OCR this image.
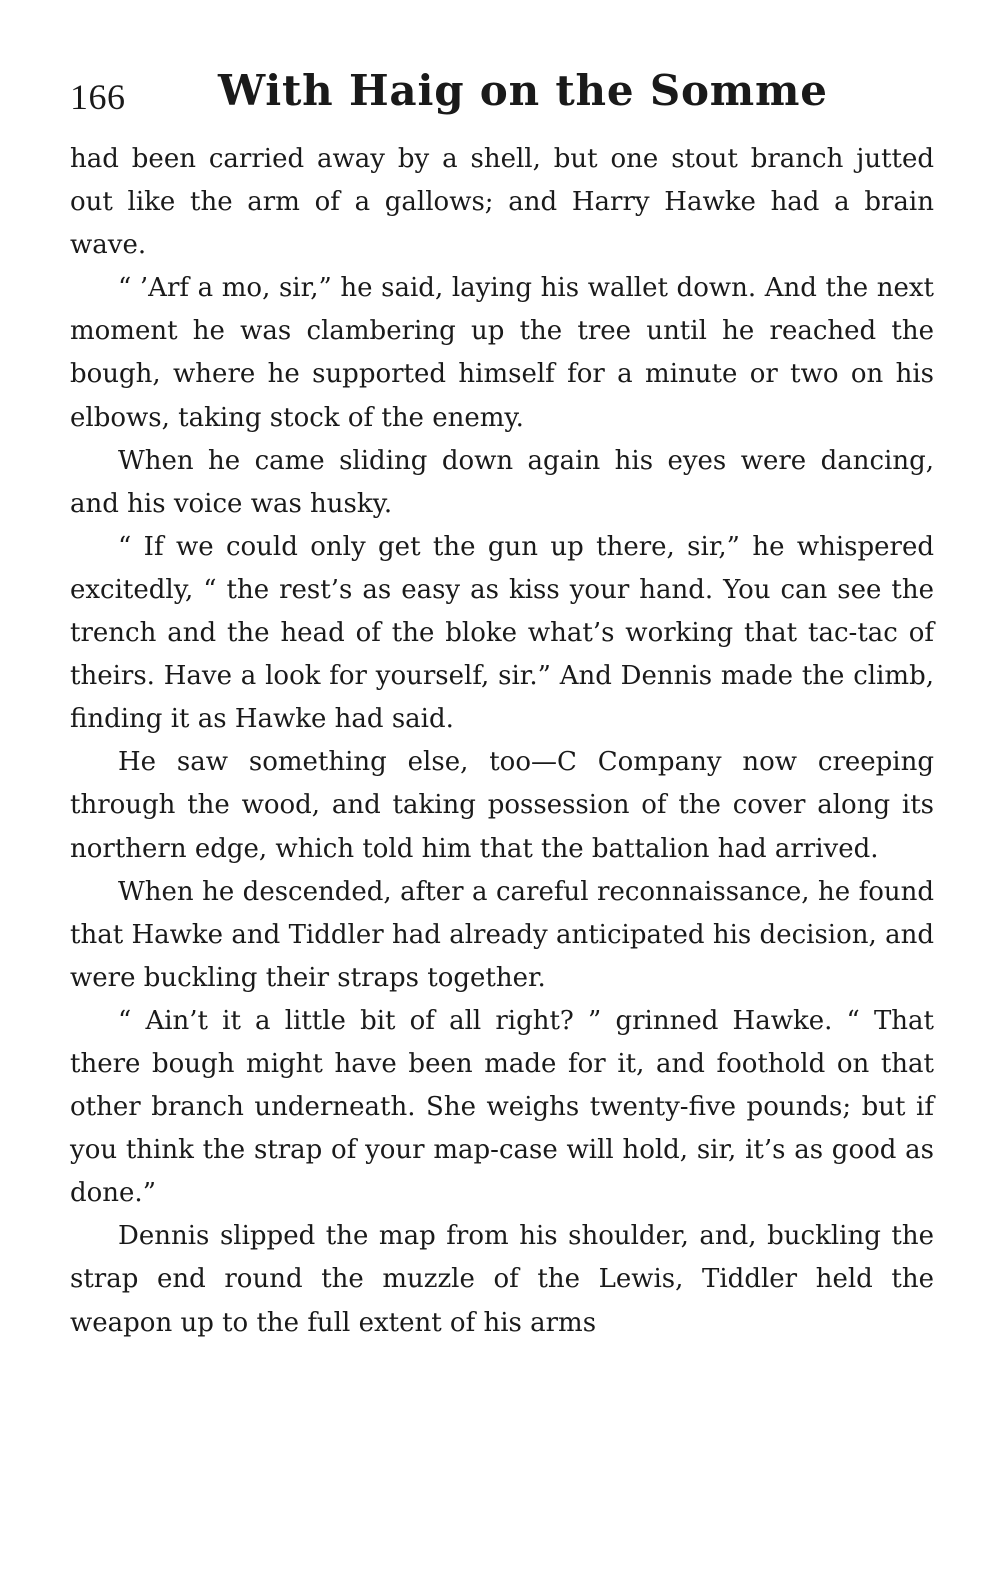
166 With Haig on the Somme

had been carried away by a shell, but one stout branch jutted out like the arm of a gallows; and Harry Hawke had a brain wave.

“ ’Arf a mo, sir,” he said, laying his wallet down. And the next moment he was clambering up the tree until he reached the bough, where he supported himself for a minute or two on his elbows, taking stock of the enemy.

When he came sliding down again his eyes were dancing, and his voice was husky.

“ If we could only get the gun up there, sir,” he whispered excitedly, “ the rest’s as easy as kiss your hand. You can see the trench and the head of the bloke what’s working that tac-tac of theirs. Have a look for yourself, sir.” And Dennis made the climb, finding it as Hawke had said.

He saw something else, too—C Company now creeping through the wood, and taking possession of the cover along its northern edge, which told him that the battalion had arrived.

When he descended, after a careful reconnaissance, he found that Hawke and Tiddler had already anticipated his decision, and were buckling their straps together.

“ Ain’t it a little bit of all right? ” grinned Hawke. “ That there bough might have been made for it, and foothold on that other branch underneath. She weighs twenty-five pounds; but if you think the strap of your map-case will hold, sir, it’s as good as done.”

Dennis slipped the map from his shoulder, and, buckling the strap end round the muzzle of the Lewis, Tiddler held the weapon up to the full extent of his arms
